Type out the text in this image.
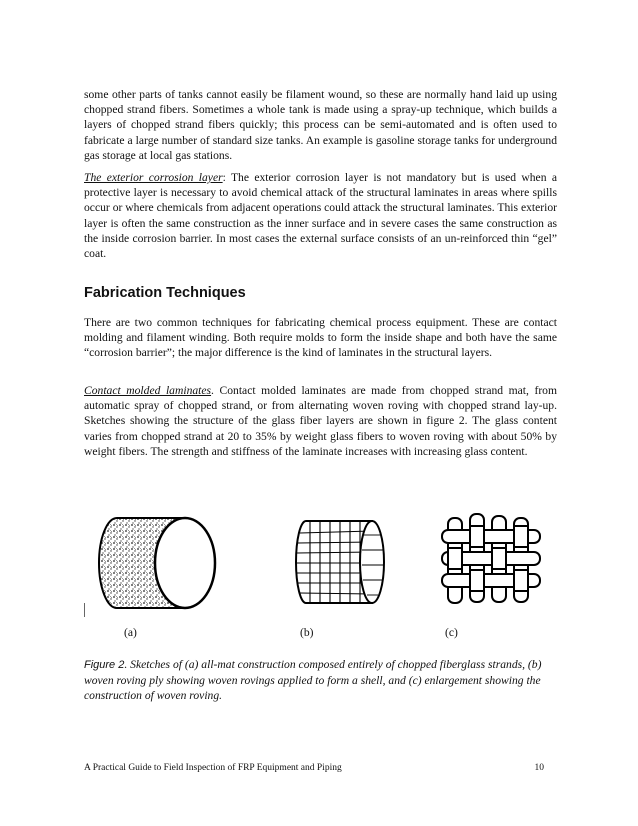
some other parts of tanks cannot easily be filament wound, so these are normally hand laid up using chopped strand fibers. Sometimes a whole tank is made using a spray-up technique, which builds a layers of chopped strand fibers quickly; this process can be semi-automated and is often used to fabricate a large number of standard size tanks. An example is gasoline storage tanks for underground gas storage at local gas stations.

The exterior corrosion layer: The exterior corrosion layer is not mandatory but is used when a protective layer is necessary to avoid chemical attack of the structural laminates in areas where spills occur or where chemicals from adjacent operations could attack the structural laminates. This exterior layer is often the same construction as the inner surface and in severe cases the same construction as the inside corrosion barrier. In most cases the external surface consists of an un-reinforced thin “gel” coat.

Fabrication Techniques

There are two common techniques for fabricating chemical process equipment. These are contact molding and filament winding. Both require molds to form the inside shape and both have the same “corrosion barrier”; the major difference is the kind of laminates in the structural layers.

Contact molded laminates. Contact molded laminates are made from chopped strand mat, from automatic spray of chopped strand, or from alternating woven roving with chopped strand lay-up. Sketches showing the structure of the glass fiber layers are shown in figure 2. The glass content varies from chopped strand at 20 to 35% by weight glass fibers to woven roving with about 50% by weight fibers. The strength and stiffness of the laminate increases with increasing glass content.

(a)	(b)	(c)

Figure 2. Sketches of (a) all-mat construction composed entirely of chopped fiberglass strands, (b) woven roving ply showing woven rovings applied to form a shell, and (c) enlargement showing the construction of woven roving.

A Practical Guide to Field Inspection of FRP Equipment and Piping	10
